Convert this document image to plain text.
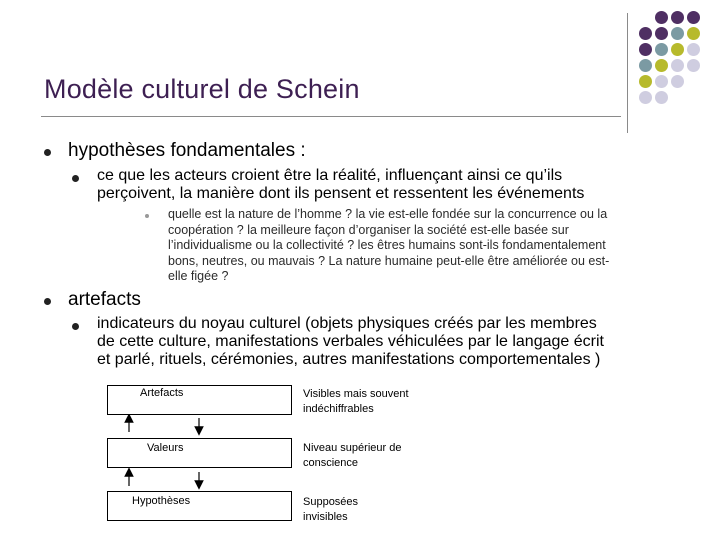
Modèle culturel de Schein
hypothèses fondamentales :
ce que les acteurs croient être la réalité, influençant ainsi ce qu’ils
perçoivent, la manière dont ils pensent et ressentent les événements
quelle est la nature de l’homme ? la vie est-elle fondée sur la concurrence ou la
coopération ? la meilleure façon d’organiser la société est-elle basée sur
l’individualisme ou la collectivité ? les êtres humains sont-ils fondamentalement
bons, neutres, ou mauvais ? La nature humaine peut-elle être améliorée ou est-
elle figée ?
artefacts
indicateurs du noyau culturel (objets physiques créés par les membres
de cette culture, manifestations verbales véhiculées par le langage écrit
et parlé, rituels, cérémonies, autres manifestations comportementales )
Artefacts
Valeurs
Hypothèses
Visibles mais souvent
indéchiffrables
Niveau supérieur de
conscience
Supposées
invisibles
